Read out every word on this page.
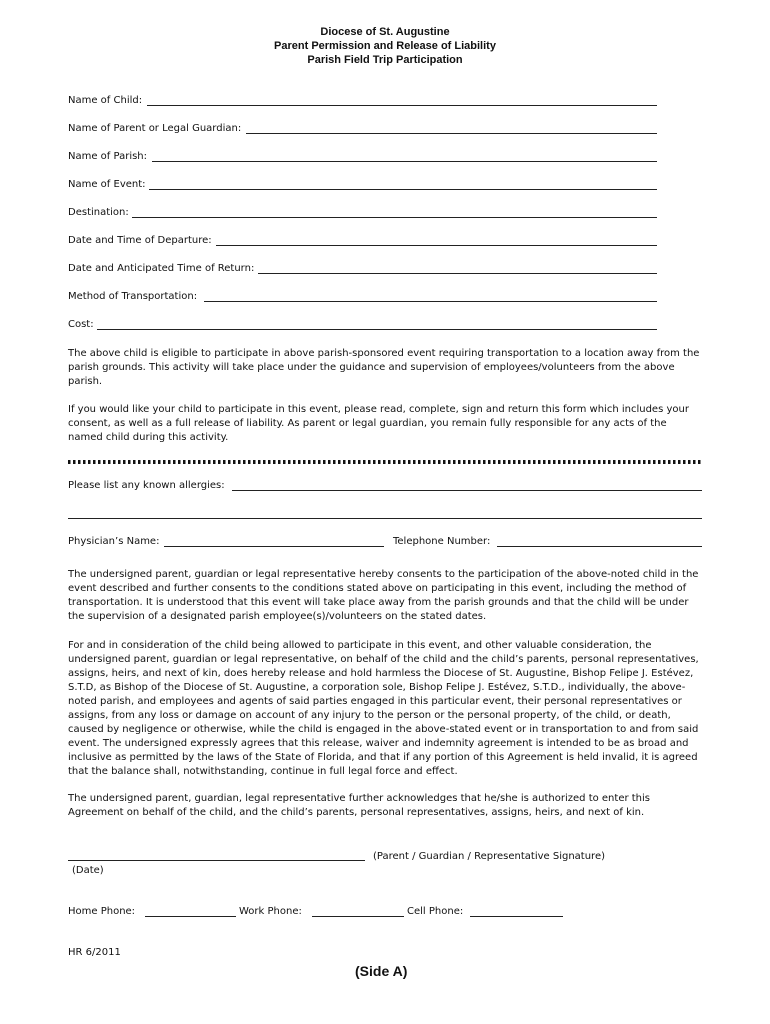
Diocese of St. Augustine
Parent Permission and Release of Liability
Parish Field Trip Participation
Name of Child:
Name of Parent or Legal Guardian:
Name of Parish:
Name of Event:
Destination:
Date and Time of Departure:
Date and Anticipated Time of Return:
Method of Transportation:
Cost:

The above child is eligible to participate in above parish-sponsored event requiring transportation to a location away from the
parish grounds. This activity will take place under the guidance and supervision of employees/volunteers from the above
parish.

If you would like your child to participate in this event, please read, complete, sign and return this form which includes your
consent, as well as a full release of liability. As parent or legal guardian, you remain fully responsible for any acts of the
named child during this activity.

Please list any known allergies:
Physician’s Name:	Telephone Number:

The undersigned parent, guardian or legal representative hereby consents to the participation of the above-noted child in the
event described and further consents to the conditions stated above on participating in this event, including the method of
transportation. It is understood that this event will take place away from the parish grounds and that the child will be under
the supervision of a designated parish employee(s)/volunteers on the stated dates.

For and in consideration of the child being allowed to participate in this event, and other valuable consideration, the
undersigned parent, guardian or legal representative, on behalf of the child and the child’s parents, personal representatives,
assigns, heirs, and next of kin, does hereby release and hold harmless the Diocese of St. Augustine, Bishop Felipe J. Estévez,
S.T.D, as Bishop of the Diocese of St. Augustine, a corporation sole, Bishop Felipe J. Estévez, S.T.D., individually, the above-
noted parish, and employees and agents of said parties engaged in this particular event, their personal representatives or
assigns, from any loss or damage on account of any injury to the person or the personal property, of the child, or death,
caused by negligence or otherwise, while the child is engaged in the above-stated event or in transportation to and from said
event. The undersigned expressly agrees that this release, waiver and indemnity agreement is intended to be as broad and
inclusive as permitted by the laws of the State of Florida, and that if any portion of this Agreement is held invalid, it is agreed
that the balance shall, notwithstanding, continue in full legal force and effect.

The undersigned parent, guardian, legal representative further acknowledges that he/she is authorized to enter this
Agreement on behalf of the child, and the child’s parents, personal representatives, assigns, heirs, and next of kin.

(Parent / Guardian / Representative Signature)
(Date)
Home Phone:	Work Phone:	Cell Phone:
HR 6/2011
(Side A)
